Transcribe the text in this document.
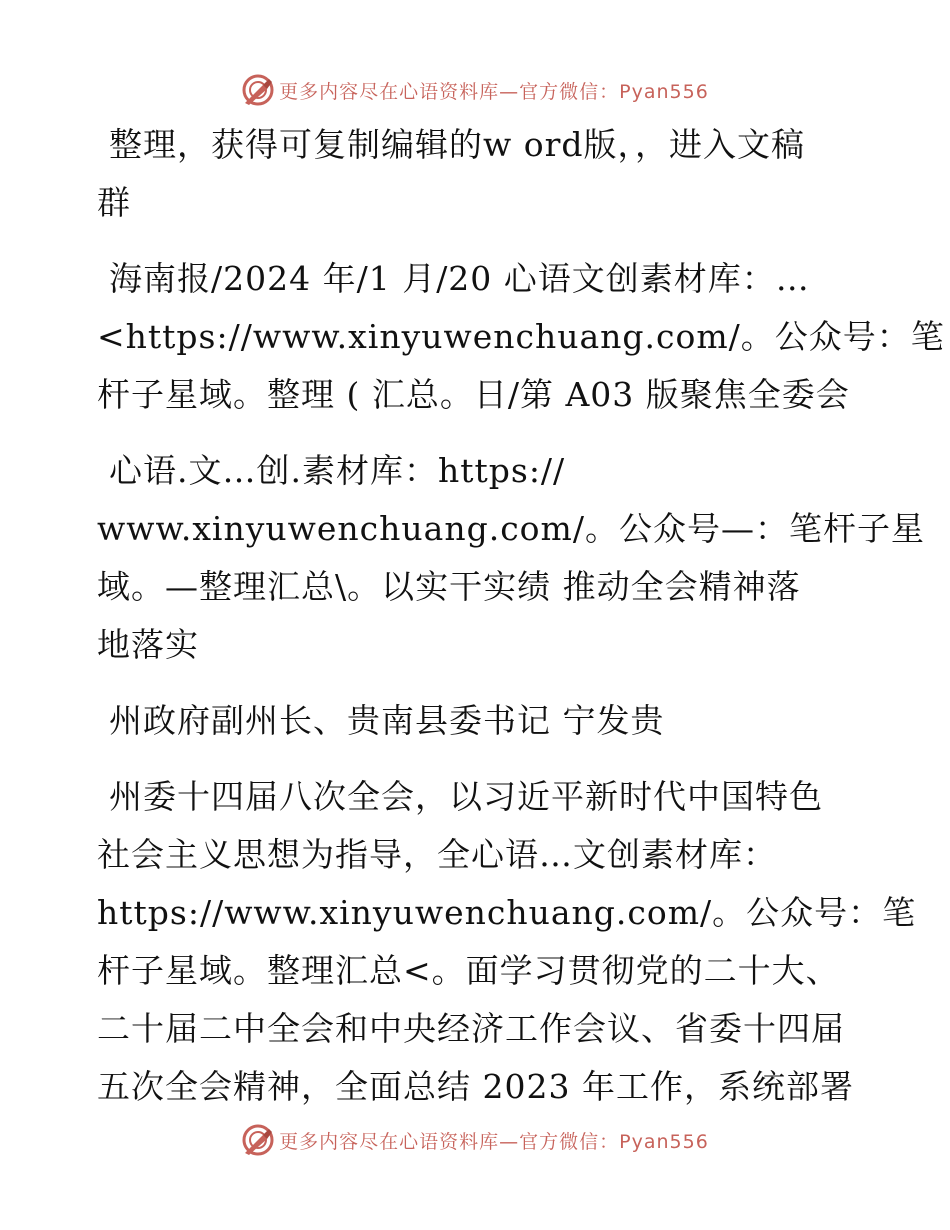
更多内容尽在心语资料库—官方微信：Pyan556

整理，获得可复制编辑的w ord版，，进入文稿
群

海南报/2024 年/1 月/20 心语文创素材库：…
<https://www.xinyuwenchuang.com/。公众号：笔
杆子星域。整理 ( 汇总。日/第 A03 版聚焦全委会

心语.文…创.素材库：https://
www.xinyuwenchuang.com/。公众号—：笔杆子星
域。—整理汇总\。以实干实绩 推动全会精神落
地落实

州政府副州长、贵南县委书记 宁发贵

州委十四届八次全会，以习近平新时代中国特色
社会主义思想为指导，全心语…文创素材库：
https://www.xinyuwenchuang.com/。公众号：笔
杆子星域。整理汇总<。面学习贯彻党的二十大、
二十届二中全会和中央经济工作会议、省委十四届
五次全会精神，全面总结 2023 年工作，系统部署

更多内容尽在心语资料库—官方微信：Pyan556
